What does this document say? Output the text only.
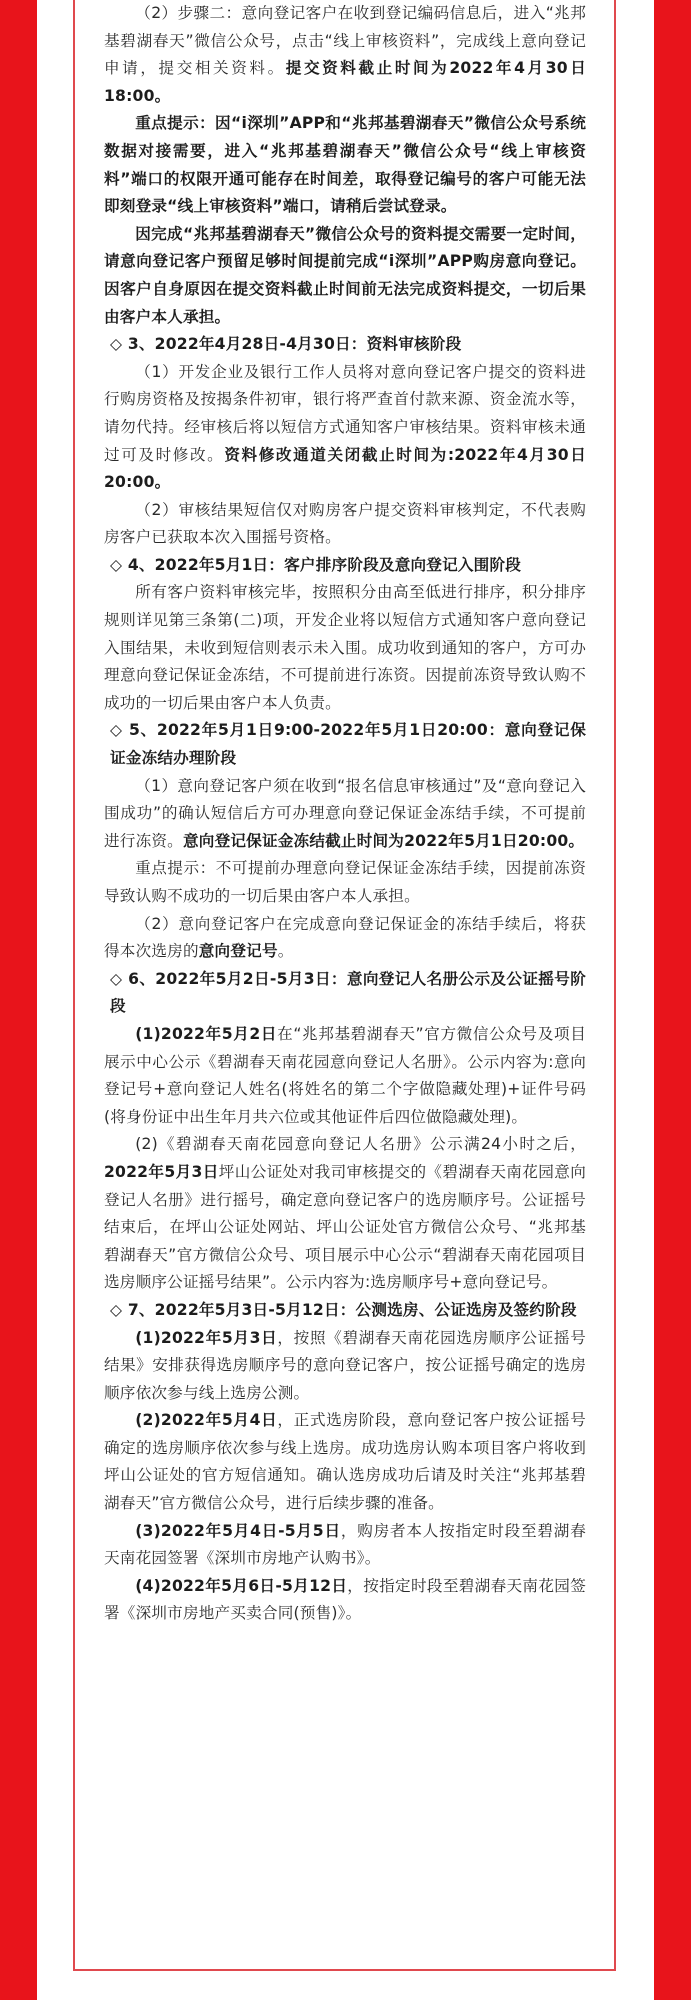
（2）步骤二：意向登记客户在收到登记编码信息后，进入“兆邦基碧湖春天”微信公众号，点击“线上审核资料”，完成线上意向登记申请，提交相关资料。提交资料截止时间为2022年4月30日18:00。

重点提示：因“i深圳”APP和“兆邦基碧湖春天”微信公众号系统数据对接需要，进入“兆邦基碧湖春天”微信公众号“线上审核资料”端口的权限开通可能存在时间差，取得登记编号的客户可能无法即刻登录“线上审核资料”端口，请稍后尝试登录。

因完成“兆邦基碧湖春天”微信公众号的资料提交需要一定时间，请意向登记客户预留足够时间提前完成“i深圳”APP购房意向登记。因客户自身原因在提交资料截止时间前无法完成资料提交，一切后果由客户本人承担。

◇ 3、2022年4月28日-4月30日：资料审核阶段

（1）开发企业及银行工作人员将对意向登记客户提交的资料进行购房资格及按揭条件初审，银行将严查首付款来源、资金流水等，请勿代持。经审核后将以短信方式通知客户审核结果。资料审核未通过可及时修改。资料修改通道关闭截止时间为:2022年4月30日20:00。

（2）审核结果短信仅对购房客户提交资料审核判定，不代表购房客户已获取本次入围摇号资格。

◇ 4、2022年5月1日：客户排序阶段及意向登记入围阶段

所有客户资料审核完毕，按照积分由高至低进行排序，积分排序规则详见第三条第(二)项，开发企业将以短信方式通知客户意向登记入围结果，未收到短信则表示未入围。成功收到通知的客户，方可办理意向登记保证金冻结，不可提前进行冻资。因提前冻资导致认购不成功的一切后果由客户本人负责。

◇ 5、2022年5月1日9:00-2022年5月1日20:00：意向登记保证金冻结办理阶段

（1）意向登记客户须在收到“报名信息审核通过”及“意向登记入围成功”的确认短信后方可办理意向登记保证金冻结手续，不可提前进行冻资。意向登记保证金冻结截止时间为2022年5月1日20:00。

重点提示：不可提前办理意向登记保证金冻结手续，因提前冻资导致认购不成功的一切后果由客户本人承担。

（2）意向登记客户在完成意向登记保证金的冻结手续后，将获得本次选房的意向登记号。

◇ 6、2022年5月2日-5月3日：意向登记人名册公示及公证摇号阶段

(1)2022年5月2日在“兆邦基碧湖春天”官方微信公众号及项目展示中心公示《碧湖春天南花园意向登记人名册》。公示内容为:意向登记号+意向登记人姓名(将姓名的第二个字做隐藏处理)+证件号码(将身份证中出生年月共六位或其他证件后四位做隐藏处理)。

(2)《碧湖春天南花园意向登记人名册》公示满24小时之后，2022年5月3日坪山公证处对我司审核提交的《碧湖春天南花园意向登记人名册》进行摇号，确定意向登记客户的选房顺序号。公证摇号结束后，在坪山公证处网站、坪山公证处官方微信公众号、“兆邦基碧湖春天”官方微信公众号、项目展示中心公示“碧湖春天南花园项目选房顺序公证摇号结果”。公示内容为:选房顺序号+意向登记号。

◇ 7、2022年5月3日-5月12日：公测选房、公证选房及签约阶段

(1)2022年5月3日，按照《碧湖春天南花园选房顺序公证摇号结果》安排获得选房顺序号的意向登记客户，按公证摇号确定的选房顺序依次参与线上选房公测。

(2)2022年5月4日，正式选房阶段，意向登记客户按公证摇号确定的选房顺序依次参与线上选房。成功选房认购本项目客户将收到坪山公证处的官方短信通知。确认选房成功后请及时关注“兆邦基碧湖春天”官方微信公众号，进行后续步骤的准备。

(3)2022年5月4日-5月5日，购房者本人按指定时段至碧湖春天南花园签署《深圳市房地产认购书》。

(4)2022年5月6日-5月12日，按指定时段至碧湖春天南花园签署《深圳市房地产买卖合同(预售)》。
